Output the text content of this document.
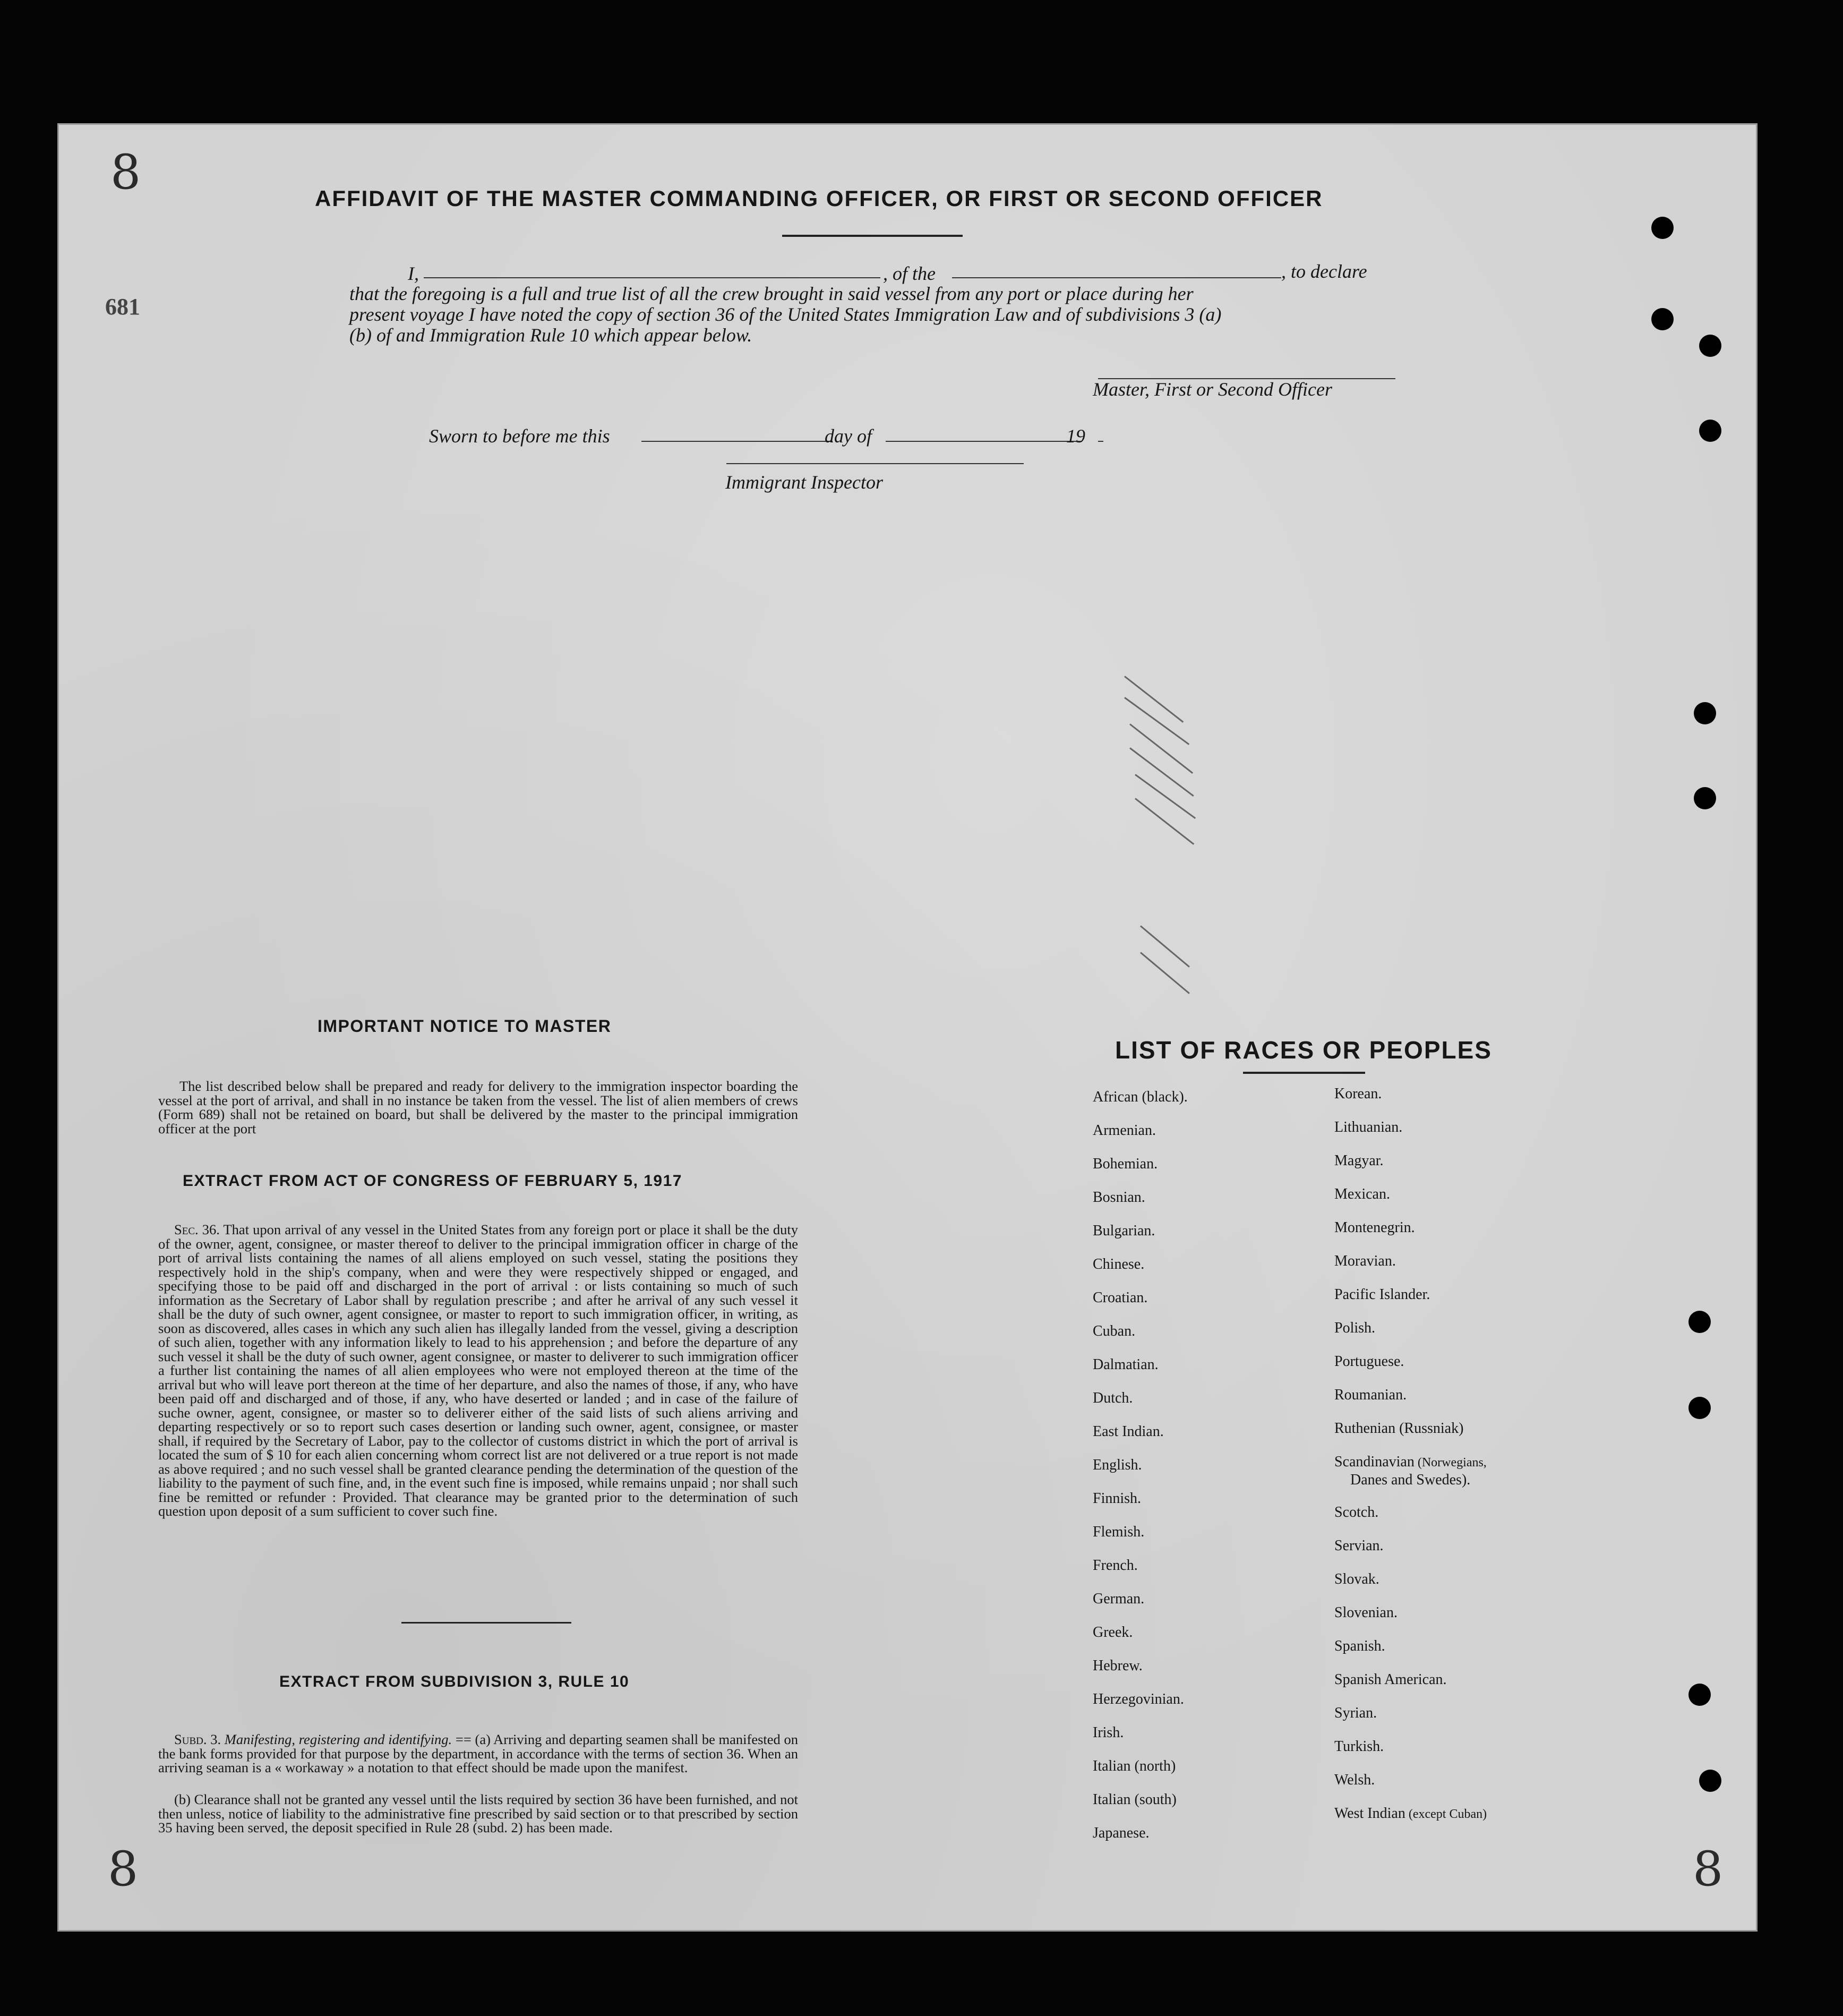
8
8	8
681
AFFIDAVIT OF THE MASTER COMMANDING OFFICER, OR FIRST OR SECOND OFFICER
I,	, of the	, to declare
that the foregoing is a full and true list of all the crew brought in said vessel from any port or place during her
present voyage I have noted the copy of section 36 of the United States Immigration Law and of subdivisions 3 (a)
(b) of and Immigration Rule 10 which appear below.
Master, First or Second Officer
Sworn to before me this	day of	19
Immigrant Inspector
IMPORTANT NOTICE TO MASTER
The list described below shall be prepared and ready for delivery to the immigration inspector boarding the vessel at the port of arrival, and shall in no instance be taken from the vessel. The list of alien members of crews (Form 689) shall not be retained on board, but shall be delivered by the master to the principal immigration officer at the port
EXTRACT FROM ACT OF CONGRESS OF FEBRUARY 5, 1917
Sec. 36. That upon arrival of any vessel in the United States from any foreign port or place it shall be the duty of the owner, agent, consignee, or master thereof to deliver to the principal immigration officer in charge of the port of arrival lists containing the names of all aliens employed on such vessel, stating the positions they respectively hold in the ship's company, when and were they were respectively shipped or engaged, and specifying those to be paid off and discharged in the port of arrival : or lists containing so much of such information as the Secretary of Labor shall by regulation prescribe ; and after he arrival of any such vessel it shall be the duty of such owner, agent consignee, or master to report to such immigration officer, in writing, as soon as discovered, alles cases in which any such alien has illegally landed from the vessel, giving a description of such alien, together with any information likely to lead to his apprehension ; and before the departure of any such vessel it shall be the duty of such owner, agent consignee, or master to deliverer to such immigration officer a further list containing the names of all alien employees who were not employed thereon at the time of the arrival but who will leave port thereon at the time of her departure, and also the names of those, if any, who have been paid off and discharged and of those, if any, who have deserted or landed ; and in case of the failure of suche owner, agent, consignee, or master so to deliverer either of the said lists of such aliens arriving and departing respectively or so to report such cases desertion or landing such owner, agent, consignee, or master shall, if required by the Secretary of Labor, pay to the collector of customs district in which the port of arrival is located the sum of $ 10 for each alien concerning whom correct list are not delivered or a true report is not made as above required ; and no such vessel shall be granted clearance pending the determination of the question of the liability to the payment of such fine, and, in the event such fine is imposed, while remains unpaid ; nor shall such fine be remitted or refunder : Provided. That clearance may be granted prior to the determination of such question upon deposit of a sum sufficient to cover such fine.
EXTRACT FROM SUBDIVISION 3, RULE 10
Subd. 3. Manifesting, registering and identifying. == (a) Arriving and departing seamen shall be manifested on the bank forms provided for that purpose by the department, in accordance with the terms of section 36. When an arriving seaman is a « workaway » a notation to that effect should be made upon the manifest.
(b) Clearance shall not be granted any vessel until the lists required by section 36 have been furnished, and not then unless, notice of liability to the administrative fine prescribed by said section or to that prescribed by section 35 having been served, the deposit specified in Rule 28 (subd. 2) has been made.
LIST OF RACES OR PEOPLES
African (black).
Armenian.
Bohemian.
Bosnian.
Bulgarian.
Chinese.
Croatian.
Cuban.
Dalmatian.
Dutch.
East Indian.
English.
Finnish.
Flemish.
French.
German.
Greek.
Hebrew.
Herzegovinian.
Irish.
Italian (north)
Italian (south)
Japanese.
Korean.
Lithuanian.
Magyar.
Mexican.
Montenegrin.
Moravian.
Pacific Islander.
Polish.
Portuguese.
Roumanian.
Ruthenian (Russniak)
Danes and Swedes).
Scandinavian (Norwegians,
Scotch.
Servian.
Slovak.
Slovenian.
Spanish.
Spanish American.
Syrian.
Turkish.
Welsh.
West Indian (except Cuban)
